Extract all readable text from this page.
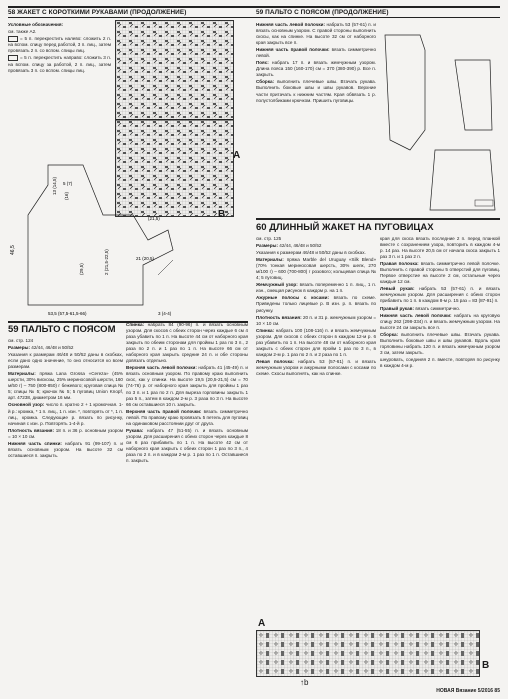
58 ЖАКЕТ С КОРОТКИМИ РУКАВАМИ (ПРОДОЛЖЕНИЕ)	59 ПАЛЬТО С ПОЯСОМ (ПРОДОЛЖЕНИЕ)

Условные обозначения:

см. также А2.

= 5 п. перекрестить налево: сложить 2 п. на вспом. спицу перед работой, 3 п. лиц., затем провязать 2 п. со вспом. спицы лиц.

= 5 п. перекрестить направо: сложить 3 п. на вспом. спицу за работой, 2 п. лиц., затем провязать 3 п. со вспом. спицы лиц.

А
В
46,5
13 (14,5)
(16)
(29,5)
5 (7)
2 (21,5-22,5)	21 (20,5)
(21,5)
53,5 (57,5-61,5-66)	3 (4-4)
59 ПАЛЬТО С ПОЯСОМ

см. стр. 124

Размеры: 42/44, 46/48 и 50/52

Указания к размерам 46/48 и 50/52 даны в скобках, если дано одно значение, то оно относится ко всем размерам.

Материалы: пряжа Lana Grossa «Cereza» (45% шерсти, 30% вискозы, 25% мериносовой шерсти, 160 м/50 г) – 750 (800-850) г бежевого; круговая спица № 5; спицы № 5; крючок № 5; 5 пуговиц Union Knopf, арт. 47238, диаметром 16 мм.

Основной узор: число п. кратно 2 + 1 кромочная. 1-й р.: кромка, * 1 п. лиц., 1 п. изн. *, повторять от *, 1 п. лиц., кромка. Следующие р. вязать по рисунку, начиная с изн. р. Повторять 1-4-й р.

Плотность вязания: 18 п. и 36 р. основным узором = 10 × 10 см.

Нижняя часть спинки: набрать 91 (99-107) п. и вязать основным узором. На высоте 32 см оставшиеся п. закрыть.

Спинка: набрать 84 (90-96) п. и вязать основным узором. Для скосов с обеих сторон через каждые 6 см 4 раза убавить по 1 п. На высоте 44 см от наборного края закрыть по обеим сторонам для проймы 1 раз по 3 п., 2 раза по 2 п. и 1 раз по 1 п. На высоте 66 см от наборного края закрыть средние 24 п. и обе стороны довязать отдельно.

Верхняя часть левой полочки: набрать 41 (45-49) п. и вязать основным узором. По правому краю выполнить скос, как у спинки. На высоте 19,5 (20,5-21,5) см = 70 (74-76) р. от наборного края закрыть для проймы 1 раз по 3 п. и 1 раз по 2 п. Для выреза горловины закрыть 1 раз 5 п., затем в каждом 2-м р. 3 раза по 3 п. На высоте 66 см оставшиеся 10 п. закрыть.

Верхняя часть правой полочки: вязать симметрично левой. По правому краю провязать 5 петель для пуговиц на одинаковом расстоянии друг от друга.

Рукава: набрать 47 (51-55) п. и вязать основным узором. Для расширения с обеих сторон через каждые 8 см 6 раз прибавить по 1 п. На высоте 42 см от наборного края закрыть с обеих сторон 1 раз по 3 п., 4 раза по 2 п. и в каждом 2-м р. 1 раз по 1 п. Оставшиеся п. закрыть.

Нижняя часть левой полочки: набрать 53 (57-61) п. и вязать основным узором. С правой стороны выполнить скосы, как на спинке. На высоте 32 см от наборного края закрыть все п.

Нижняя часть правой полочки: вязать симметрично левой.

Пояс: набрать 17 п. и вязать жемчужным узором. Длина пояса 150 (160-170) см = 370 (380-390) р. Все п. закрыть.

Сборка: выполнить плечевые швы. Втачать рукава. Выполнить боковые швы и швы рукавов. Верхние части притачать к нижним частям. Края обвязать 1 р. полустолбиками крючком. Пришить пуговицы.

60 ДЛИННЫЙ ЖАКЕТ НА ПУГОВИЦАХ

см. стр. 125

Размеры: 42/44, 46/48 и 50/52

Указания к размерам 46/48 и 50/52 даны в скобках.

Материалы: пряжа Marble del Uruguay «Silk Blend» (70% тонкая мериносовая шерсть, 30% шелк, 270 м/100 г) – 600 (700-800) г розового; кольцевая спица № 4; 5 пуговиц.

Жемчужный узор: вязать попеременно 1 п. лиц., 1 п. изн., смещая рисунок в каждом р. на 1 п.

Ажурные полосы с косами: вязать по схеме. Приведены только лицевые р. В изн. р. п. вязать по рисунку.

Плотность вязания: 20 п. и 31 р. жемчужным узором = 10 × 10 см.

Спинка: набрать 100 (108-116) п. и вязать жемчужным узором. Для скосов с обеих сторон в каждом 12-м р. 6 раз убавить по 1 п. На высоте 48 см от наборного края закрыть с обеих сторон для пройм 1 раз по 3 п., в каждом 2-м р. 1 раз по 2 п. и 2 раза по 1 п.

Левая полочка: набрать 53 (57-61) п. и вязать жемчужным узором и ажурными полосами с косами по схеме. Скосы выполнять, как на спинке.

края для скоса вязать последние 2 п. перед планкой вместе с сохранением узора, повторить в каждом 4-м р. 14 раз. На высоте 20,5 см от начала скоса закрыть 1 раз 3 п. и 1 раз 2 п.

Правая полочка: вязать симметрично левой полочке. Выполнить с правой стороны 5 отверстий для пуговиц. Первое отверстие на высоте 2 см, остальные через каждые 12 см.

Левый рукав: набрать 53 (57-61) п. и вязать жемчужным узором. Для расширения с обеих сторон прибавить по 1 п. в каждом 8-м р. 15 раз = 83 (87-91) п.

Правый рукав: вязать симметрично.

Нижняя часть левой полочки: набрать на круговую спицу 262 (298-334) п. и вязать жемчужным узором. На высоте 24 см закрыть все п.

Сборка: выполнить плечевые швы. Втачать рукава. Выполнить боковые швы и швы рукавов. Вдоль края горловины набрать 120 п. и вязать жемчужным узором 3 см, затем закрыть.

шнуровать, соединяя 2 п. вместе, повторяя по рисунку в каждом 4-м р.

A
B
↑b
НОВАЯ Вязание 5/2016 85
